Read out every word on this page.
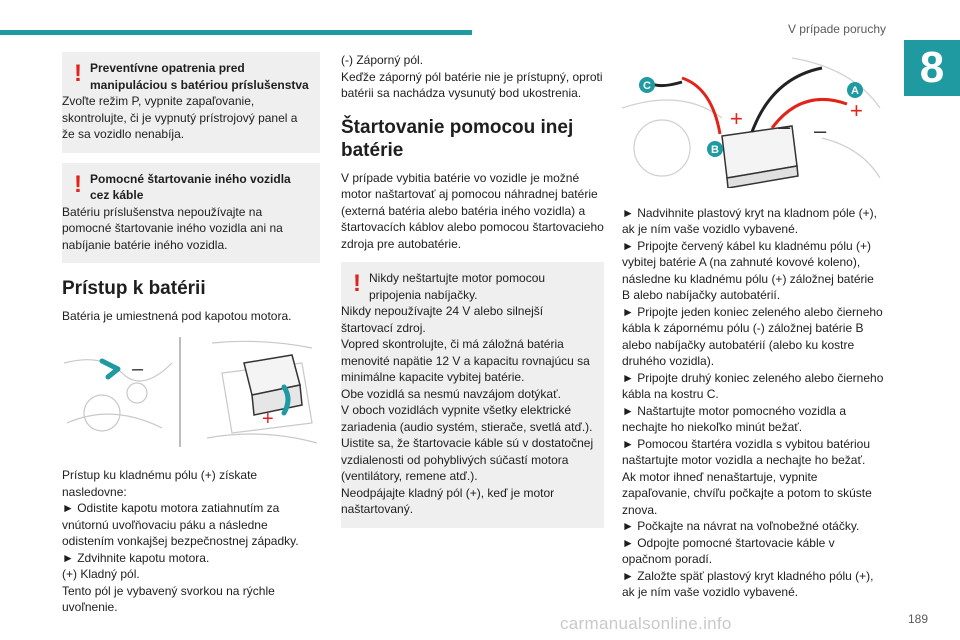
V prípade poruchy
8
! Preventívne opatrenia pred manipuláciou s batériou príslušenstva
Zvoľte režim P, vypnite zapaľovanie, skontrolujte, či je vypnutý prístrojový panel a že sa vozidlo nenabíja.
! Pomocné štartovanie iného vozidla cez káble
Batériu príslušenstva nepoužívajte na pomocné štartovanie iného vozidla ani na nabíjanie batérie iného vozidla.
Prístup k batérii

Batéria je umiestnená pod kapotou motora.

–
+

Prístup ku kladnému pólu (+) získate nasledovne:

► Odistite kapotu motora zatiahnutím za vnútornú uvoľňovaciu páku a následne odistením vonkajšej bezpečnostnej západky.

► Zdvihnite kapotu motora.

(+) Kladný pól.

Tento pól je vybavený svorkou na rýchle uvoľnenie.

(-) Záporný pól.

Keďže záporný pól batérie nie je prístupný, oproti batérii sa nachádza vysunutý bod ukostrenia.

Štartovanie pomocou inej batérie

V prípade vybitia batérie vo vozidle je možné motor naštartovať aj pomocou náhradnej batérie (externá batéria alebo batéria iného vozidla) a štartovacích káblov alebo pomocou štartovacieho zdroja pre autobatérie.

! Nikdy neštartujte motor pomocou pripojenia nabíjačky.

Nikdy nepoužívajte 24 V alebo silnejší štartovací zdroj.

Vopred skontrolujte, či má záložná batéria menovité napätie 12 V a kapacitu rovnajúcu sa minimálne kapacite vybitej batérie.

Obe vozidlá sa nesmú navzájom dotýkať.

V oboch vozidlách vypnite všetky elektrické zariadenia (audio systém, stierače, svetlá atď.).

Uistite sa, že štartovacie káble sú v dostatočnej vzdialenosti od pohyblivých súčastí motora (ventilátory, remene atď.).

Neodpájajte kladný pól (+), keď je motor naštartovaný.

+	+
– –
A
B
C

► Nadvihnite plastový kryt na kladnom póle (+), ak je ním vaše vozidlo vybavené.

► Pripojte červený kábel ku kladnému pólu (+) vybitej batérie A (na zahnuté kovové koleno), následne ku kladnému pólu (+) záložnej batérie B alebo nabíjačky autobatérií.

► Pripojte jeden koniec zeleného alebo čierneho kábla k zápornému pólu (-) záložnej batérie B alebo nabíjačky autobatérií (alebo ku kostre druhého vozidla).

► Pripojte druhý koniec zeleného alebo čierneho kábla na kostru C.

► Naštartujte motor pomocného vozidla a nechajte ho niekoľko minút bežať.

► Pomocou štartéra vozidla s vybitou batériou naštartujte motor vozidla a nechajte ho bežať.

Ak motor ihneď nenaštartuje, vypnite zapaľovanie, chvíľu počkajte a potom to skúste znova.

► Počkajte na návrat na voľnobežné otáčky.

► Odpojte pomocné štartovacie káble v opačnom poradí.

► Založte späť plastový kryt kladného pólu (+), ak je ním vaše vozidlo vybavené.

189
carmanualsonline.info
